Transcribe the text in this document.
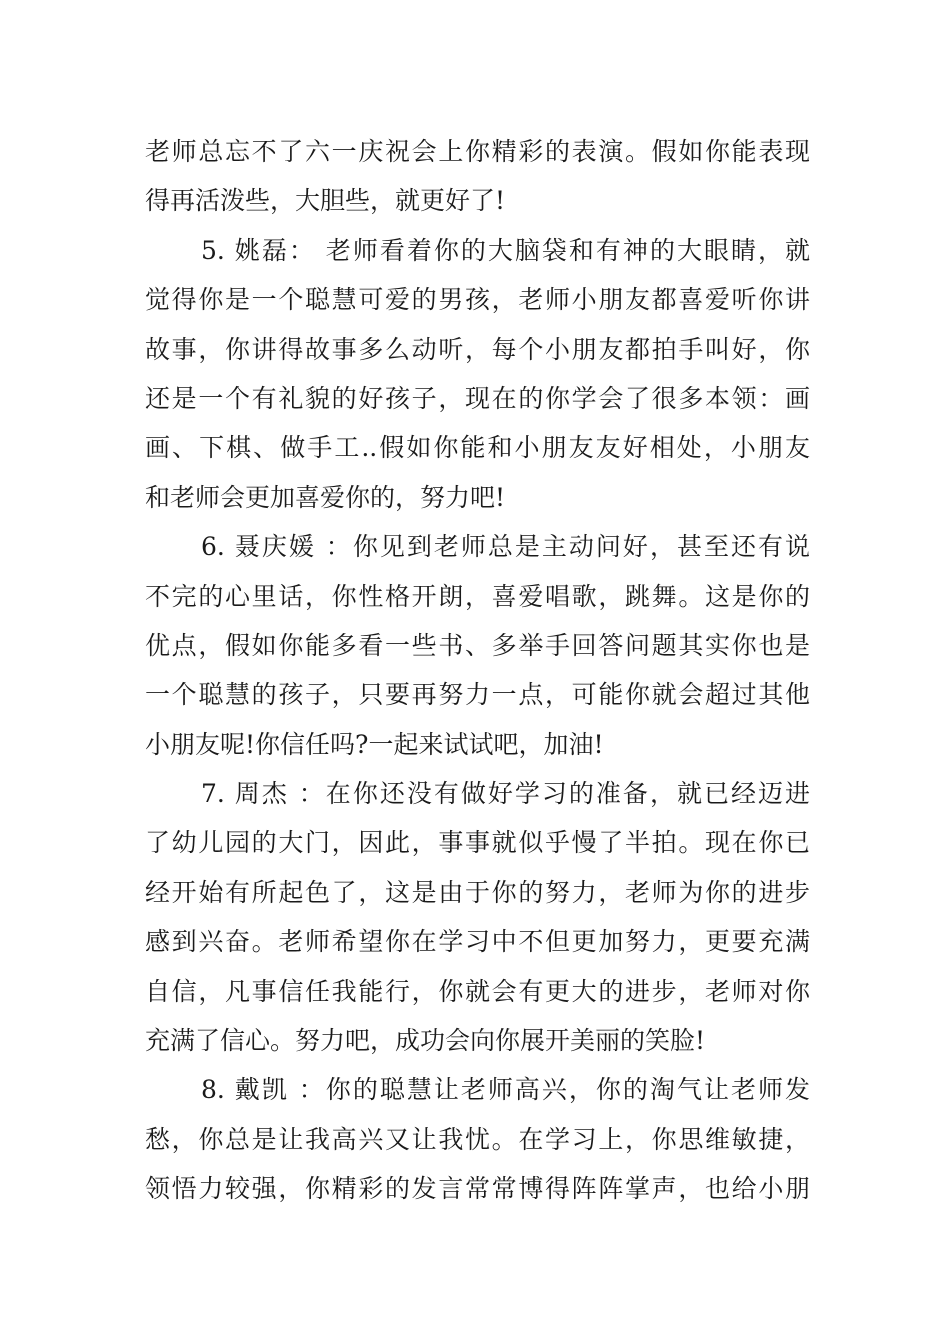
老师总忘不了六一庆祝会上你精彩的表演。假如你能表现
得再活泼些，大胆些，就更好了!
5. 姚磊： 老师看着你的大脑袋和有神的大眼睛，就
觉得你是一个聪慧可爱的男孩，老师小朋友都喜爱听你讲
故事，你讲得故事多么动听，每个小朋友都拍手叫好，你
还是一个有礼貌的好孩子，现在的你学会了很多本领：画
画、下棋、做手工..假如你能和小朋友友好相处，小朋友
和老师会更加喜爱你的，努力吧!
6. 聂庆媛 ：你见到老师总是主动问好，甚至还有说
不完的心里话，你性格开朗，喜爱唱歌，跳舞。这是你的
优点，假如你能多看一些书、多举手回答问题其实你也是
一个聪慧的孩子，只要再努力一点，可能你就会超过其他
小朋友呢!你信任吗?一起来试试吧，加油!
7. 周杰 ：在你还没有做好学习的准备，就已经迈进
了幼儿园的大门，因此，事事就似乎慢了半拍。现在你已
经开始有所起色了，这是由于你的努力，老师为你的进步
感到兴奋。老师希望你在学习中不但更加努力，更要充满
自信，凡事信任我能行，你就会有更大的进步，老师对你
充满了信心。努力吧，成功会向你展开美丽的笑脸!
8. 戴凯 ：你的聪慧让老师高兴，你的淘气让老师发
愁，你总是让我高兴又让我忧。在学习上，你思维敏捷，
领悟力较强，你精彩的发言常常博得阵阵掌声，也给小朋
